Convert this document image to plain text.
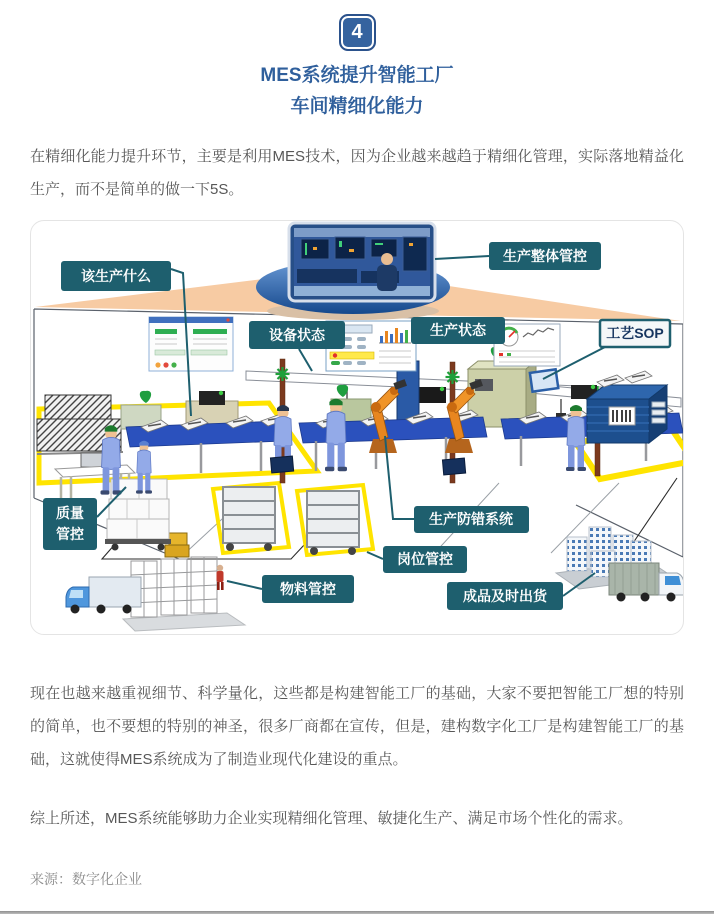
4
MES系统提升智能工厂
车间精细化能力

在精细化能力提升环节，主要是利用MES技术，因为企业越来越趋于精细化管理，实际落地精益化生产，而不是简单的做一下5S。

该生产什么
生产整体管控
设备状态	生产状态	工艺SOP
质量
管控
生产防错系统
岗位管控
物料管控	成品及时出货

现在也越来越重视细节、科学量化，这些都是构建智能工厂的基础，大家不要把智能工厂想的特别的简单，也不要想的特别的神圣，很多厂商都在宣传，但是，建构数字化工厂是构建智能工厂的基础，这就使得MES系统成为了制造业现代化建设的重点。

综上所述，MES系统能够助力企业实现精细化管理、敏捷化生产、满足市场个性化的需求。

来源：数字化企业
